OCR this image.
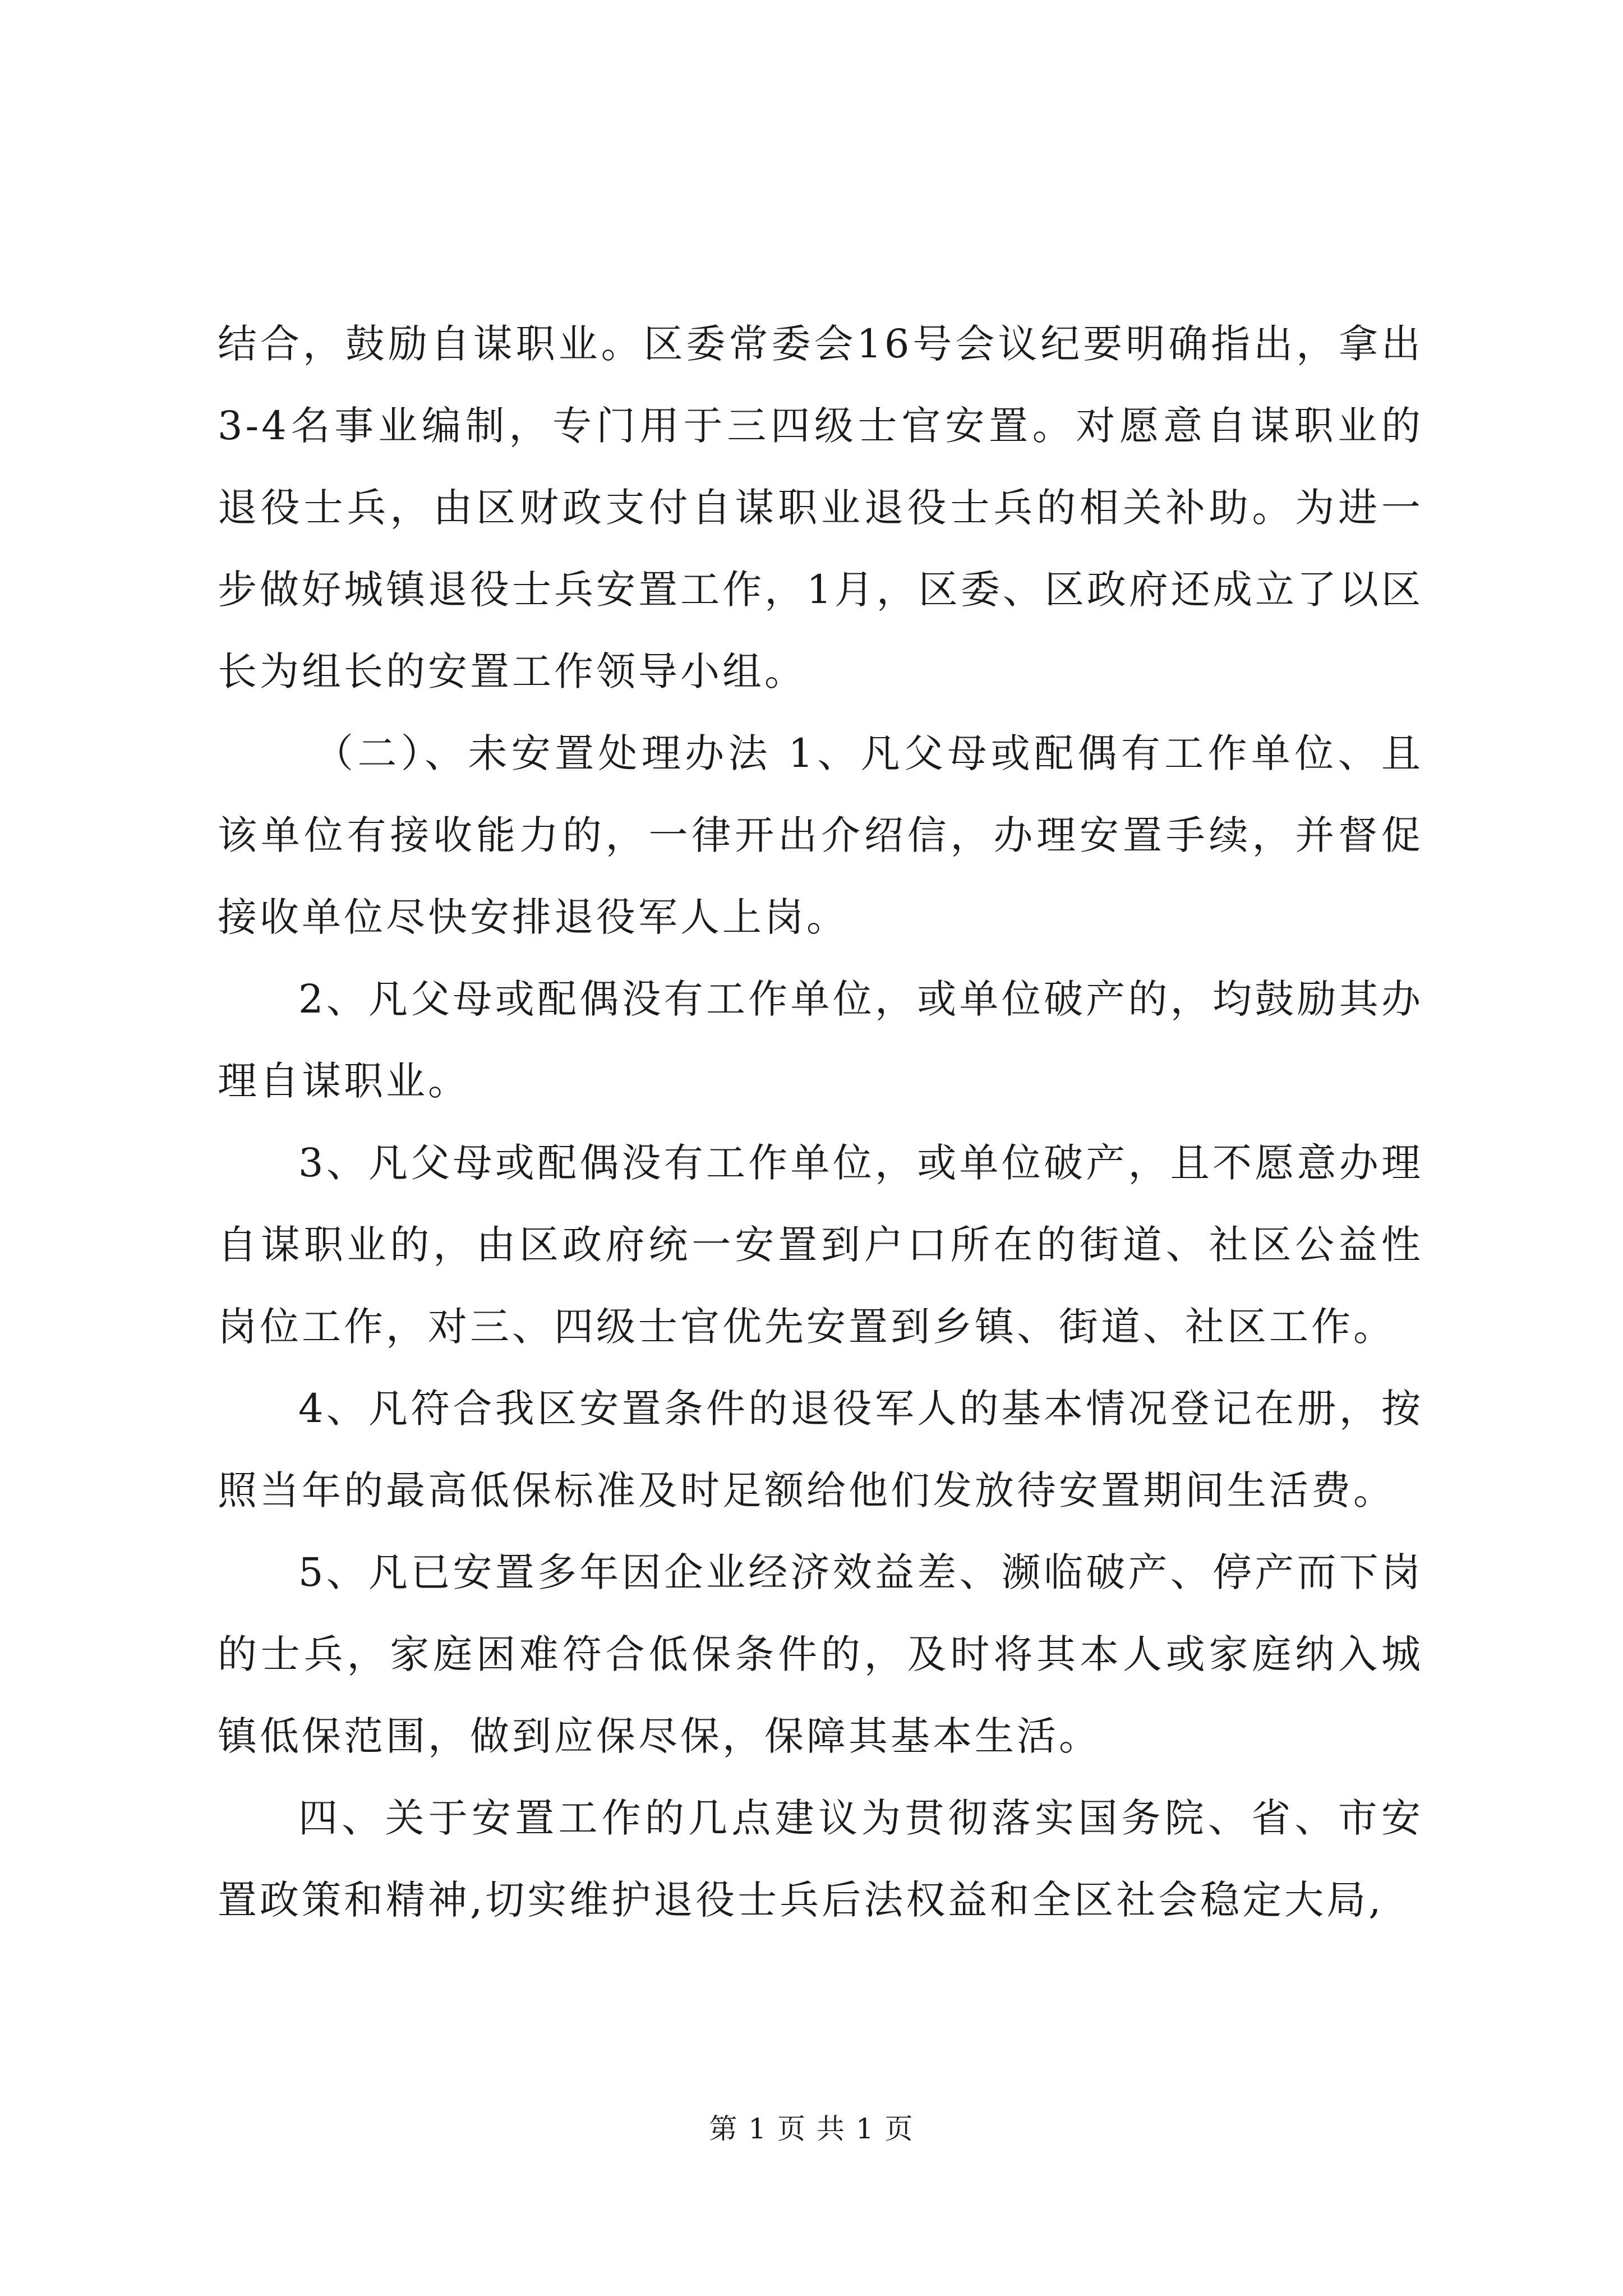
结合，鼓励自谋职业。区委常委会16号会议纪要明确指出，拿出3-4名事业编制，专门用于三四级士官安置。对愿意自谋职业的退役士兵，由区财政支付自谋职业退役士兵的相关补助。为进一步做好城镇退役士兵安置工作，1月，区委、区政府还成立了以区长为组长的安置工作领导小组。

（二）、未安置处理办法 1、凡父母或配偶有工作单位、且该单位有接收能力的，一律开出介绍信，办理安置手续，并督促接收单位尽快安排退役军人上岗。

2、凡父母或配偶没有工作单位，或单位破产的，均鼓励其办理自谋职业。

3、凡父母或配偶没有工作单位，或单位破产，且不愿意办理自谋职业的，由区政府统一安置到户口所在的街道、社区公益性岗位工作，对三、四级士官优先安置到乡镇、街道、社区工作。

4、凡符合我区安置条件的退役军人的基本情况登记在册，按照当年的最高低保标准及时足额给他们发放待安置期间生活费。

5、凡已安置多年因企业经济效益差、濒临破产、停产而下岗的士兵，家庭困难符合低保条件的，及时将其本人或家庭纳入城镇低保范围，做到应保尽保，保障其基本生活。

四、关于安置工作的几点建议为贯彻落实国务院、省、市安置政策和精神,切实维护退役士兵后法权益和全区社会稳定大局,

第 1 页 共 1 页
